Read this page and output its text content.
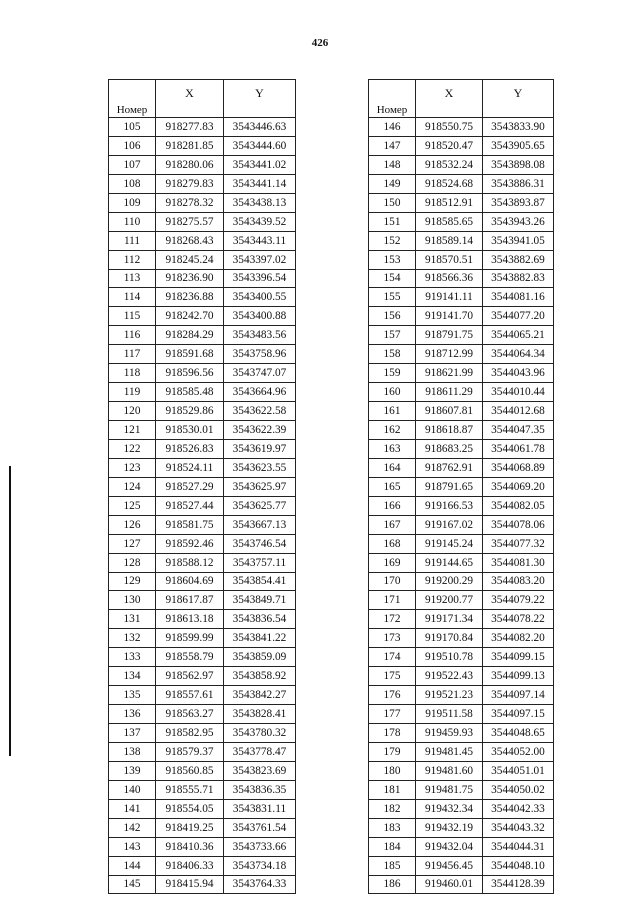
426
Номер	X	Y
105	918277.83	3543446.63
106	918281.85	3543444.60
107	918280.06	3543441.02
108	918279.83	3543441.14
109	918278.32	3543438.13
110	918275.57	3543439.52
111	918268.43	3543443.11
112	918245.24	3543397.02
113	918236.90	3543396.54
114	918236.88	3543400.55
115	918242.70	3543400.88
116	918284.29	3543483.56
117	918591.68	3543758.96
118	918596.56	3543747.07
119	918585.48	3543664.96
120	918529.86	3543622.58
121	918530.01	3543622.39
122	918526.83	3543619.97
123	918524.11	3543623.55
124	918527.29	3543625.97
125	918527.44	3543625.77
126	918581.75	3543667.13
127	918592.46	3543746.54
128	918588.12	3543757.11
129	918604.69	3543854.41
130	918617.87	3543849.71
131	918613.18	3543836.54
132	918599.99	3543841.22
133	918558.79	3543859.09
134	918562.97	3543858.92
135	918557.61	3543842.27
136	918563.27	3543828.41
137	918582.95	3543780.32
138	918579.37	3543778.47
139	918560.85	3543823.69
140	918555.71	3543836.35
141	918554.05	3543831.11
142	918419.25	3543761.54
143	918410.36	3543733.66
144	918406.33	3543734.18
145	918415.94	3543764.33
Номер	X	Y
146	918550.75	3543833.90
147	918520.47	3543905.65
148	918532.24	3543898.08
149	918524.68	3543886.31
150	918512.91	3543893.87
151	918585.65	3543943.26
152	918589.14	3543941.05
153	918570.51	3543882.69
154	918566.36	3543882.83
155	919141.11	3544081.16
156	919141.70	3544077.20
157	918791.75	3544065.21
158	918712.99	3544064.34
159	918621.99	3544043.96
160	918611.29	3544010.44
161	918607.81	3544012.68
162	918618.87	3544047.35
163	918683.25	3544061.78
164	918762.91	3544068.89
165	918791.65	3544069.20
166	919166.53	3544082.05
167	919167.02	3544078.06
168	919145.24	3544077.32
169	919144.65	3544081.30
170	919200.29	3544083.20
171	919200.77	3544079.22
172	919171.34	3544078.22
173	919170.84	3544082.20
174	919510.78	3544099.15
175	919522.43	3544099.13
176	919521.23	3544097.14
177	919511.58	3544097.15
178	919459.93	3544048.65
179	919481.45	3544052.00
180	919481.60	3544051.01
181	919481.75	3544050.02
182	919432.34	3544042.33
183	919432.19	3544043.32
184	919432.04	3544044.31
185	919456.45	3544048.10
186	919460.01	3544128.39
